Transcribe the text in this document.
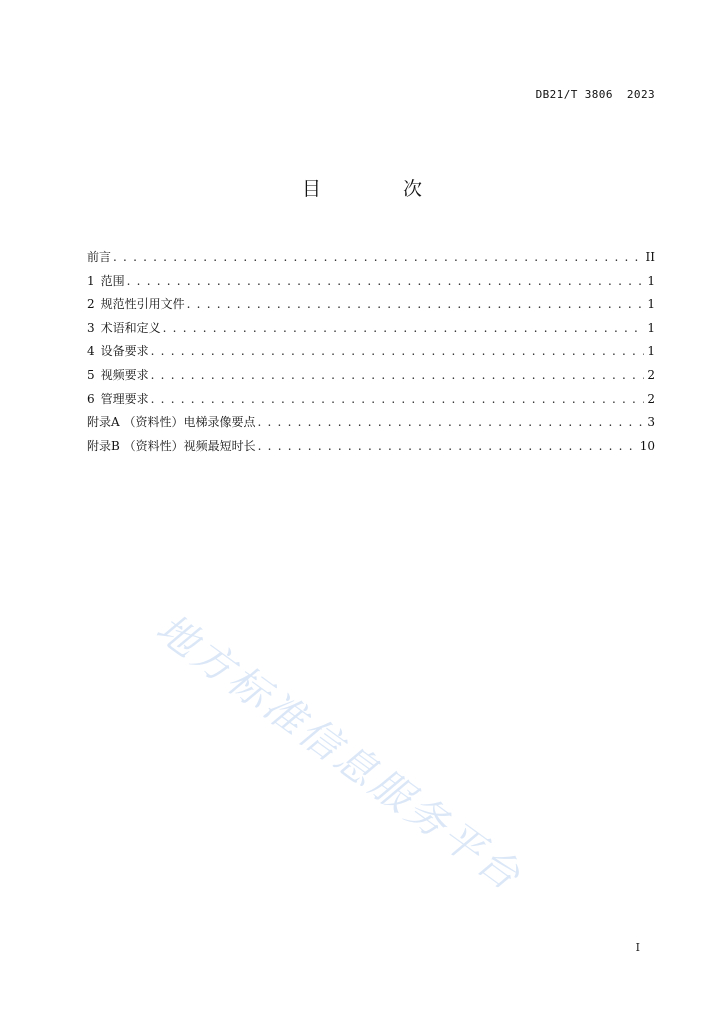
DB21/T 3806  2023
目 次
前言 . . .	II
1 范围 . . .	1
2 规范性引用文件 . . .	1
3 术语和定义 . . .	1
4 设备要求 . . .	1
5 视频要求 . . .	2
6 管理要求 . . .	2
附录A （资料性）电梯录像要点 . . .	3
附录B （资料性）视频最短时长 . . .	10
地方标准信息服务平台
I
